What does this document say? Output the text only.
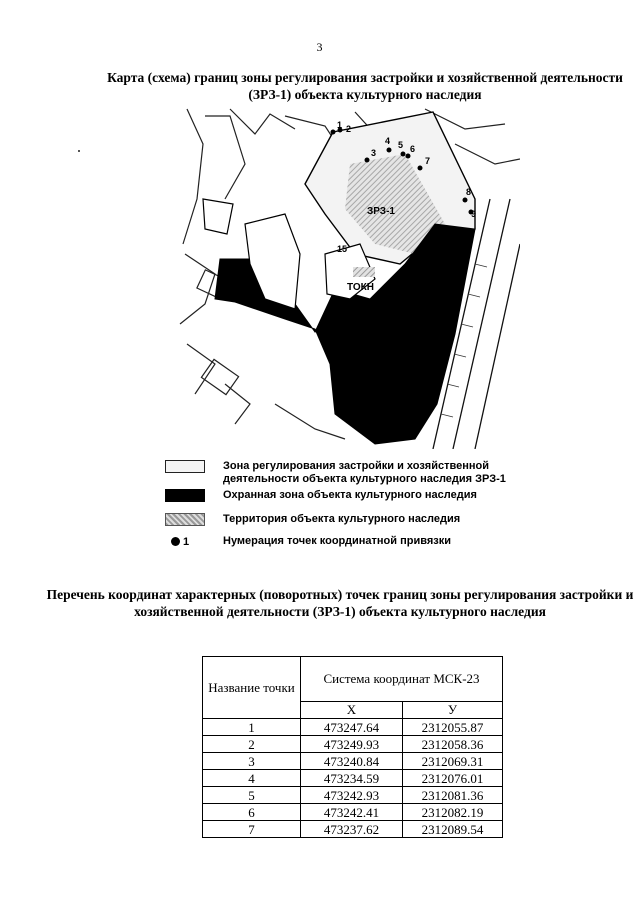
3
Карта (схема) границ зоны регулирования застройки и хозяйственной деятельности (ЗРЗ-1) объекта культурного наследия
1 2
3
4 5 6
7
8
9
15
ЗРЗ-1
ТОКН
Зона регулирования застройки и хозяйственной деятельности объекта культурного наследия ЗРЗ-1
Охранная зона объекта культурного наследия
Территория объекта культурного наследия
1	Нумерация точек координатной привязки
Перечень координат характерных (поворотных) точек границ зоны регулирования застройки и хозяйственной деятельности (ЗРЗ-1) объекта культурного наследия
Название точки	Система координат МСК-23	
	X	У
1	473247.64	2312055.87
2	473249.93	2312058.36
3	473240.84	2312069.31
4	473234.59	2312076.01
5	473242.93	2312081.36
6	473242.41	2312082.19
7	473237.62	2312089.54
